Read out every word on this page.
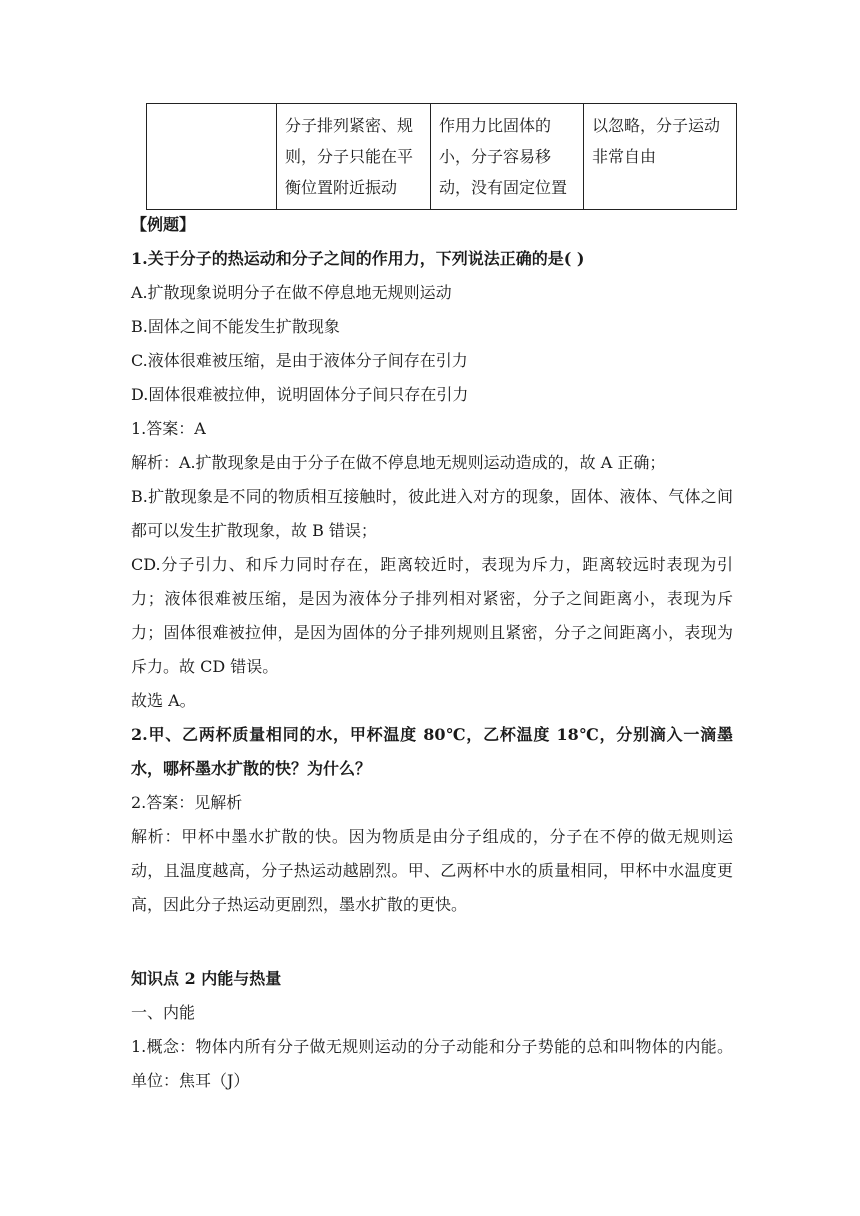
	分子排列紧密、规则，分子只能在平衡位置附近振动	作用力比固体的小，分子容易移动，没有固定位置	以忽略，分子运动非常自由
【例题】
1.关于分子的热运动和分子之间的作用力，下列说法正确的是( )
A.扩散现象说明分子在做不停息地无规则运动
B.固体之间不能发生扩散现象
C.液体很难被压缩，是由于液体分子间存在引力
D.固体很难被拉伸，说明固体分子间只存在引力
1.答案：A
解析：A.扩散现象是由于分子在做不停息地无规则运动造成的，故 A 正确；
B.扩散现象是不同的物质相互接触时，彼此进入对方的现象，固体、液体、气体之间都可以发生扩散现象，故 B 错误；
CD.分子引力、和斥力同时存在，距离较近时，表现为斥力，距离较远时表现为引力；液体很难被压缩，是因为液体分子排列相对紧密，分子之间距离小，表现为斥力；固体很难被拉伸，是因为固体的分子排列规则且紧密，分子之间距离小，表现为斥力。故 CD 错误。
故选 A。
2.甲、乙两杯质量相同的水，甲杯温度 80℃，乙杯温度 18℃，分别滴入一滴墨水，哪杯墨水扩散的快？为什么？
2.答案：见解析
解析：甲杯中墨水扩散的快。因为物质是由分子组成的，分子在不停的做无规则运动，且温度越高，分子热运动越剧烈。甲、乙两杯中水的质量相同，甲杯中水温度更高，因此分子热运动更剧烈，墨水扩散的更快。
知识点 2 内能与热量
一、内能
1.概念：物体内所有分子做无规则运动的分子动能和分子势能的总和叫物体的内能。单位：焦耳（J）
